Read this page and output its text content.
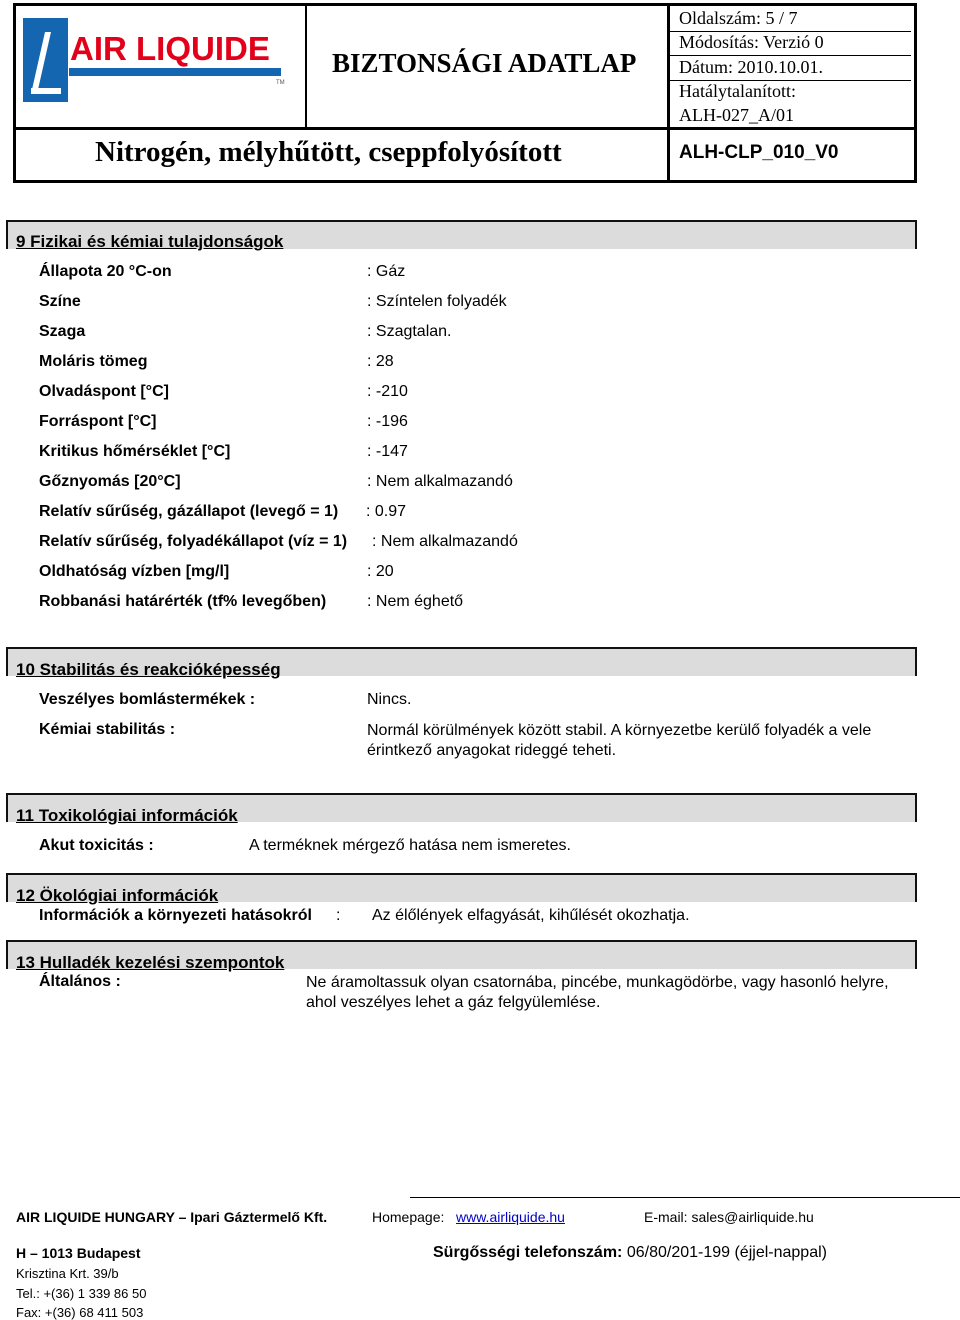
AIR LIQUIDE
TM
BIZTONSÁGI ADATLAP
Oldalszám: 5 / 7
Módosítás: Verzió 0
Dátum: 2010.10.01.
Hatálytalanított:
ALH-027_A/01
Nitrogén, mélyhűtött, cseppfolyósított	ALH-CLP_010_V0
9 Fizikai és kémiai tulajdonságok
Állapota 20 °C-on	: Gáz
Színe	: Színtelen folyadék
Szaga	: Szagtalan.
Moláris tömeg	: 28
Olvadáspont [°C]	: -210
Forráspont [°C]	: -196
Kritikus hőmérséklet [°C]	: -147
Gőznyomás [20°C]	: Nem alkalmazandó
Relatív sűrűség, gázállapot (levegő = 1) : 0.97
Relatív sűrűség, folyadékállapot (víz = 1) : Nem alkalmazandó
Oldhatóság vízben [mg/l]	: 20
Robbanási határérték (tf% levegőben)	: Nem éghető
10 Stabilitás és reakcióképesség
Veszélyes bomlástermékek :	Nincs.
Kémiai stabilitás :	Normál körülmények között stabil. A környezetbe kerülő folyadék a vele érintkező anyagokat rideggé teheti.
11 Toxikológiai információk
Akut toxicitás :	A terméknek mérgező hatása nem ismeretes.
12 Ökológiai információk
Információk a környezeti hatásokról : Az élőlények elfagyását, kihűlését okozhatja.
13 Hulladék kezelési szempontok
Általános :	Ne áramoltassuk olyan csatornába, pincébe, munkagödörbe, vagy hasonló helyre, ahol veszélyes lehet a gáz felgyülemlése.
AIR LIQUIDE HUNGARY – Ipari Gáztermelő Kft.	Homepage: www.airliquide.hu	E-mail: sales@airliquide.hu
H – 1013 Budapest	Sürgősségi telefonszám: 06/80/201-199 (éjjel-nappal)
Krisztina Krt. 39/b
Tel.: +(36) 1 339 86 50
Fax: +(36) 68 411 503
